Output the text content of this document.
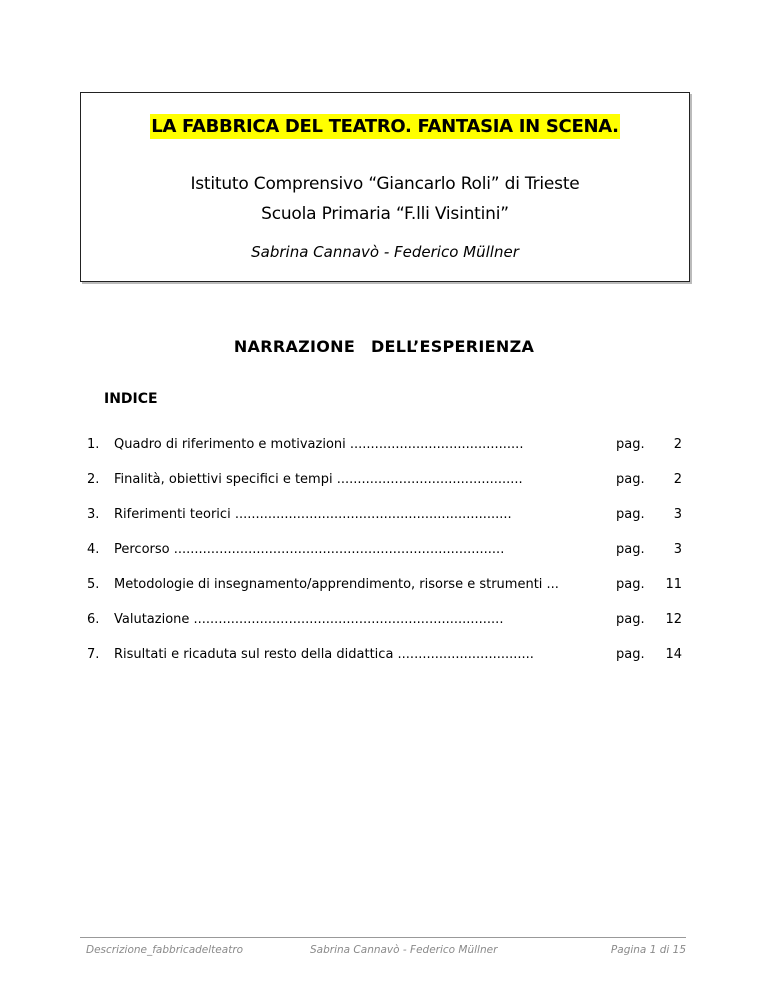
LA FABBRICA DEL TEATRO. FANTASIA IN SCENA.
Istituto Comprensivo “Giancarlo Roli” di Trieste
Scuola Primaria “F.lli Visintini”
Sabrina Cannavò - Federico Müllner
NARRAZIONE DELL’ESPERIENZA
INDICE
1. Quadro di riferimento e motivazioni ..........................................	pag.	2
2. Finalità, obiettivi specifici e tempi .............................................	pag.	2
3. Riferimenti teorici ...................................................................	pag.	3
4. Percorso ................................................................................	pag.	3
5. Metodologie di insegnamento/apprendimento, risorse e strumenti ...	pag.	11
6. Valutazione ...........................................................................	pag.	12
7. Risultati e ricaduta sul resto della didattica .................................	pag.	14
Descrizione_fabbricadelteatro	Sabrina Cannavò - Federico Müllner	Pagina 1 di 15
